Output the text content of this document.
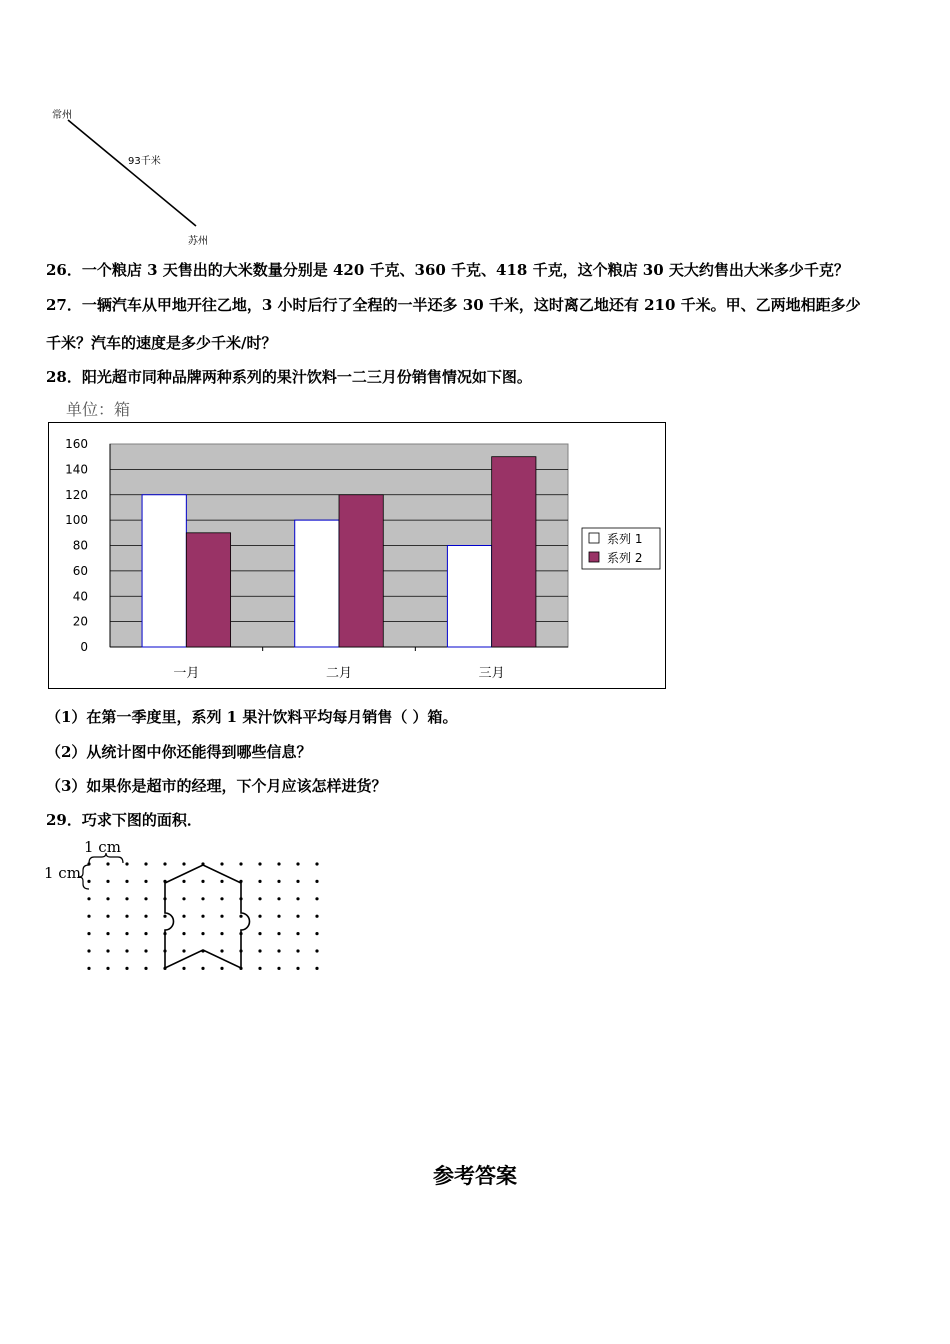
常州
93千米
苏州
26．一个粮店 3 天售出的大米数量分别是 420 千克、360 千克、418 千克，这个粮店 30 天大约售出大米多少千克？
27．一辆汽车从甲地开往乙地，3 小时后行了全程的一半还多 30 千米，这时离乙地还有 210 千米。甲、乙两地相距多少
千米？汽车的速度是多少千米/时？
28．阳光超市同种品牌两种系列的果汁饮料一二三月份销售情况如下图。
单位：箱
0
20
40
60
80
100
120
140
160
一月	二月	三月
系列 1
系列 2
（1）在第一季度里，系列 1 果汁饮料平均每月销售（ ）箱。
（2）从统计图中你还能得到哪些信息？
（3）如果你是超市的经理，下个月应该怎样进货？
29．巧求下图的面积．
1 cm
1 cm
参考答案
